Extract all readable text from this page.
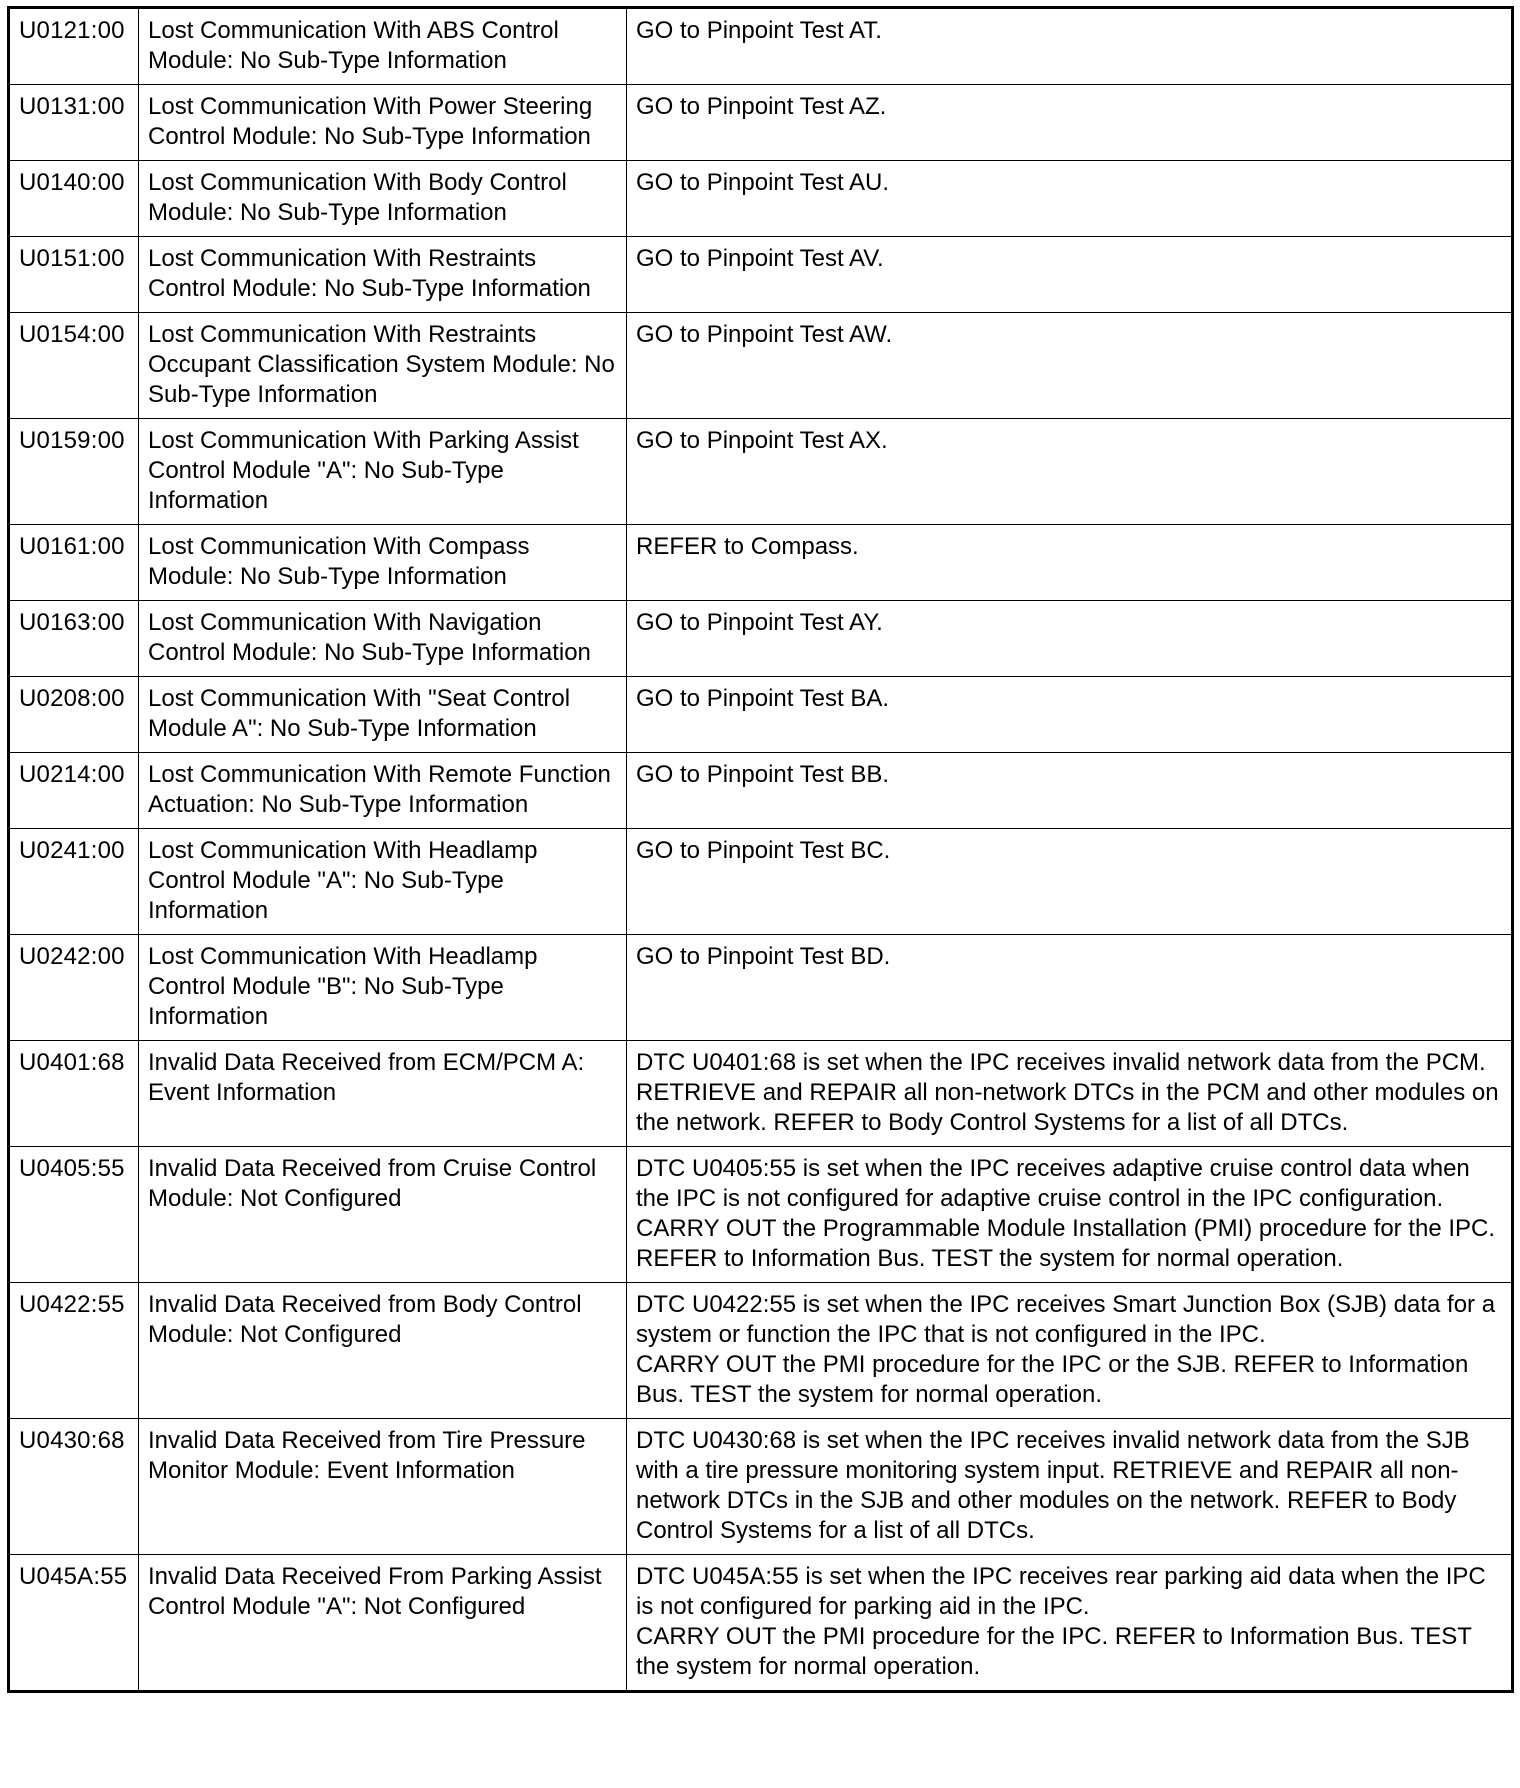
U0121:00	Lost Communication With ABS Control Module: No Sub-Type Information	GO to Pinpoint Test AT.

U0131:00	Lost Communication With Power Steering Control Module: No Sub-Type Information	GO to Pinpoint Test AZ.

U0140:00	Lost Communication With Body Control Module: No Sub-Type Information	GO to Pinpoint Test AU.

U0151:00	Lost Communication With Restraints Control Module: No Sub-Type Information	GO to Pinpoint Test AV.

U0154:00	Lost Communication With Restraints Occupant Classification System Module: No Sub-Type Information	GO to Pinpoint Test AW.

U0159:00	Lost Communication With Parking Assist Control Module "A": No Sub-Type Information	GO to Pinpoint Test AX.

U0161:00	Lost Communication With Compass Module: No Sub-Type Information	REFER to Compass.

U0163:00	Lost Communication With Navigation Control Module: No Sub-Type Information	GO to Pinpoint Test AY.

U0208:00	Lost Communication With "Seat Control Module A": No Sub-Type Information	GO to Pinpoint Test BA.

U0214:00	Lost Communication With Remote Function Actuation: No Sub-Type Information	GO to Pinpoint Test BB.

U0241:00	Lost Communication With Headlamp Control Module "A": No Sub-Type Information	GO to Pinpoint Test BC.

U0242:00	Lost Communication With Headlamp Control Module "B": No Sub-Type Information	GO to Pinpoint Test BD.

U0401:68	Invalid Data Received from ECM/PCM A: Event Information	DTC U0401:68 is set when the IPC receives invalid network data from the PCM. RETRIEVE and REPAIR all non-network DTCs in the PCM and other modules on the network. REFER to Body Control Systems for a list of all DTCs.

U0405:55	Invalid Data Received from Cruise Control Module: Not Configured	DTC U0405:55 is set when the IPC receives adaptive cruise control data when the IPC is not configured for adaptive cruise control in the IPC configuration. CARRY OUT the Programmable Module Installation (PMI) procedure for the IPC. REFER to Information Bus. TEST the system for normal operation.

U0422:55	Invalid Data Received from Body Control Module: Not Configured	DTC U0422:55 is set when the IPC receives Smart Junction Box (SJB) data for a system or function the IPC that is not configured in the IPC.
CARRY OUT the PMI procedure for the IPC or the SJB. REFER to Information Bus. TEST the system for normal operation.

U0430:68	Invalid Data Received from Tire Pressure Monitor Module: Event Information	DTC U0430:68 is set when the IPC receives invalid network data from the SJB with a tire pressure monitoring system input. RETRIEVE and REPAIR all non-network DTCs in the SJB and other modules on the network. REFER to Body Control Systems for a list of all DTCs.

U045A:55	Invalid Data Received From Parking Assist Control Module "A": Not Configured	DTC U045A:55 is set when the IPC receives rear parking aid data when the IPC is not configured for parking aid in the IPC.
CARRY OUT the PMI procedure for the IPC. REFER to Information Bus. TEST the system for normal operation.
